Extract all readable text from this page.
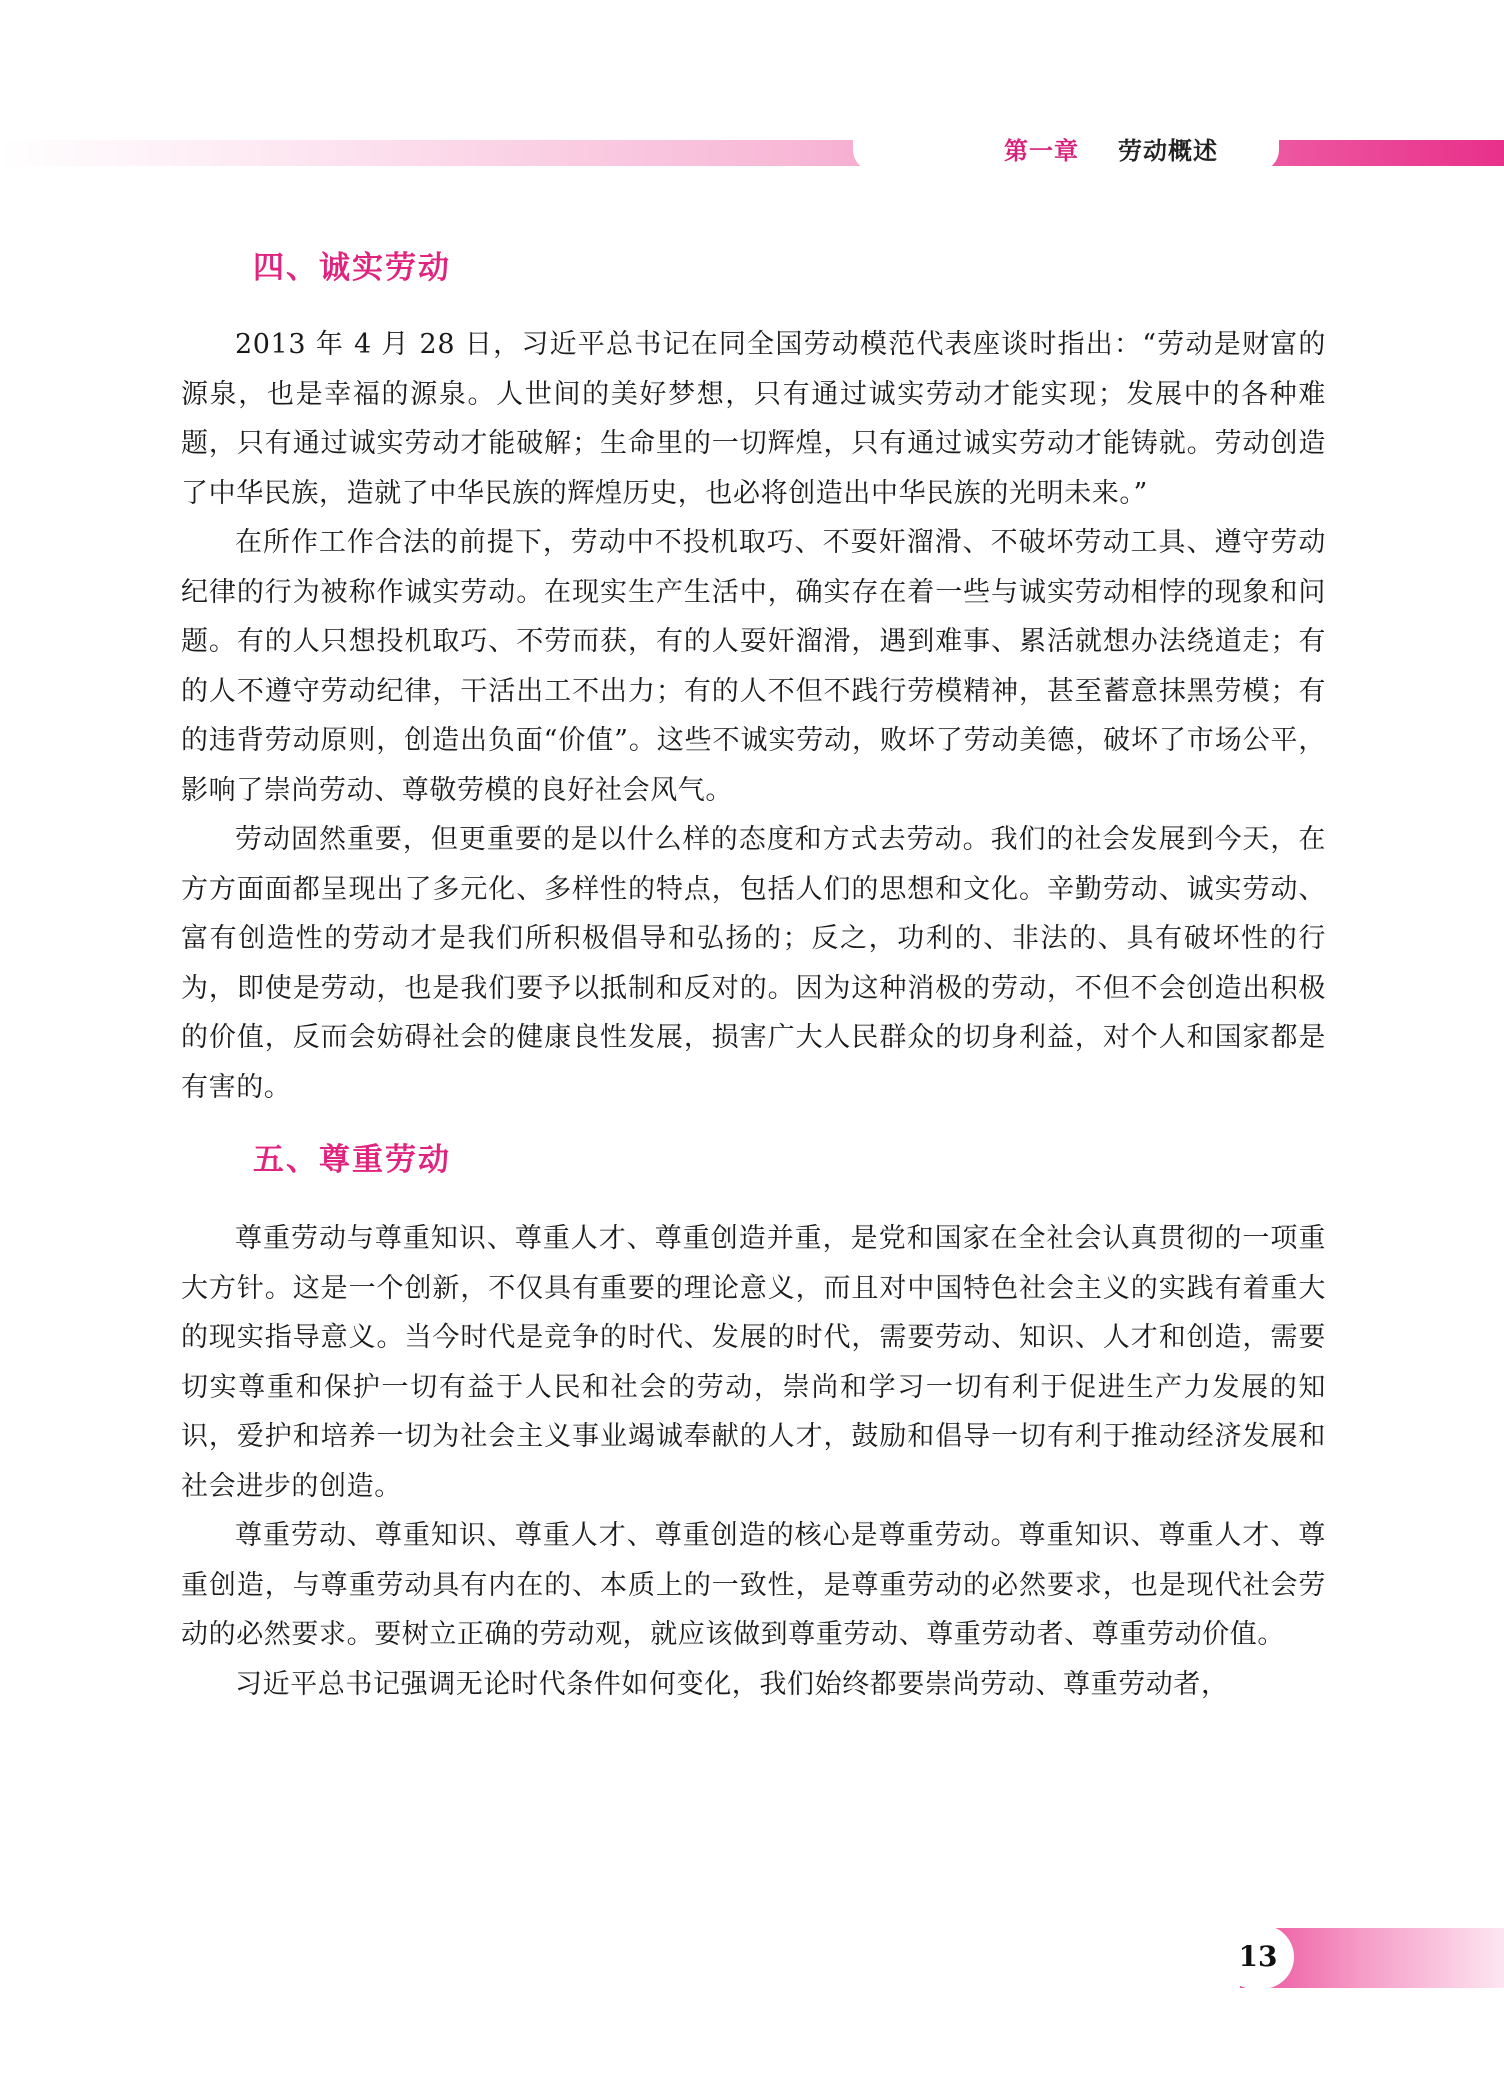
第一章 劳动概述
四、诚实劳动

2013 年 4 月 28 日，习近平总书记在同全国劳动模范代表座谈时指出：“劳动是财富的源泉，也是幸福的源泉。人世间的美好梦想，只有通过诚实劳动才能实现；发展中的各种难题，只有通过诚实劳动才能破解；生命里的一切辉煌，只有通过诚实劳动才能铸就。劳动创造了中华民族，造就了中华民族的辉煌历史，也必将创造出中华民族的光明未来。”

在所作工作合法的前提下，劳动中不投机取巧、不耍奸溜滑、不破坏劳动工具、遵守劳动纪律的行为被称作诚实劳动。在现实生产生活中，确实存在着一些与诚实劳动相悖的现象和问题。有的人只想投机取巧、不劳而获，有的人耍奸溜滑，遇到难事、累活就想办法绕道走；有的人不遵守劳动纪律，干活出工不出力；有的人不但不践行劳模精神，甚至蓄意抹黑劳模；有的违背劳动原则，创造出负面“价值”。这些不诚实劳动，败坏了劳动美德，破坏了市场公平，影响了崇尚劳动、尊敬劳模的良好社会风气。

劳动固然重要，但更重要的是以什么样的态度和方式去劳动。我们的社会发展到今天，在方方面面都呈现出了多元化、多样性的特点，包括人们的思想和文化。辛勤劳动、诚实劳动、富有创造性的劳动才是我们所积极倡导和弘扬的；反之，功利的、非法的、具有破坏性的行为，即使是劳动，也是我们要予以抵制和反对的。因为这种消极的劳动，不但不会创造出积极的价值，反而会妨碍社会的健康良性发展，损害广大人民群众的切身利益，对个人和国家都是有害的。

五、尊重劳动

尊重劳动与尊重知识、尊重人才、尊重创造并重，是党和国家在全社会认真贯彻的一项重大方针。这是一个创新，不仅具有重要的理论意义，而且对中国特色社会主义的实践有着重大的现实指导意义。当今时代是竞争的时代、发展的时代，需要劳动、知识、人才和创造，需要切实尊重和保护一切有益于人民和社会的劳动，崇尚和学习一切有利于促进生产力发展的知识，爱护和培养一切为社会主义事业竭诚奉献的人才，鼓励和倡导一切有利于推动经济发展和社会进步的创造。

尊重劳动、尊重知识、尊重人才、尊重创造的核心是尊重劳动。尊重知识、尊重人才、尊重创造，与尊重劳动具有内在的、本质上的一致性，是尊重劳动的必然要求，也是现代社会劳动的必然要求。要树立正确的劳动观，就应该做到尊重劳动、尊重劳动者、尊重劳动价值。

习近平总书记强调无论时代条件如何变化，我们始终都要崇尚劳动、尊重劳动者，

13
